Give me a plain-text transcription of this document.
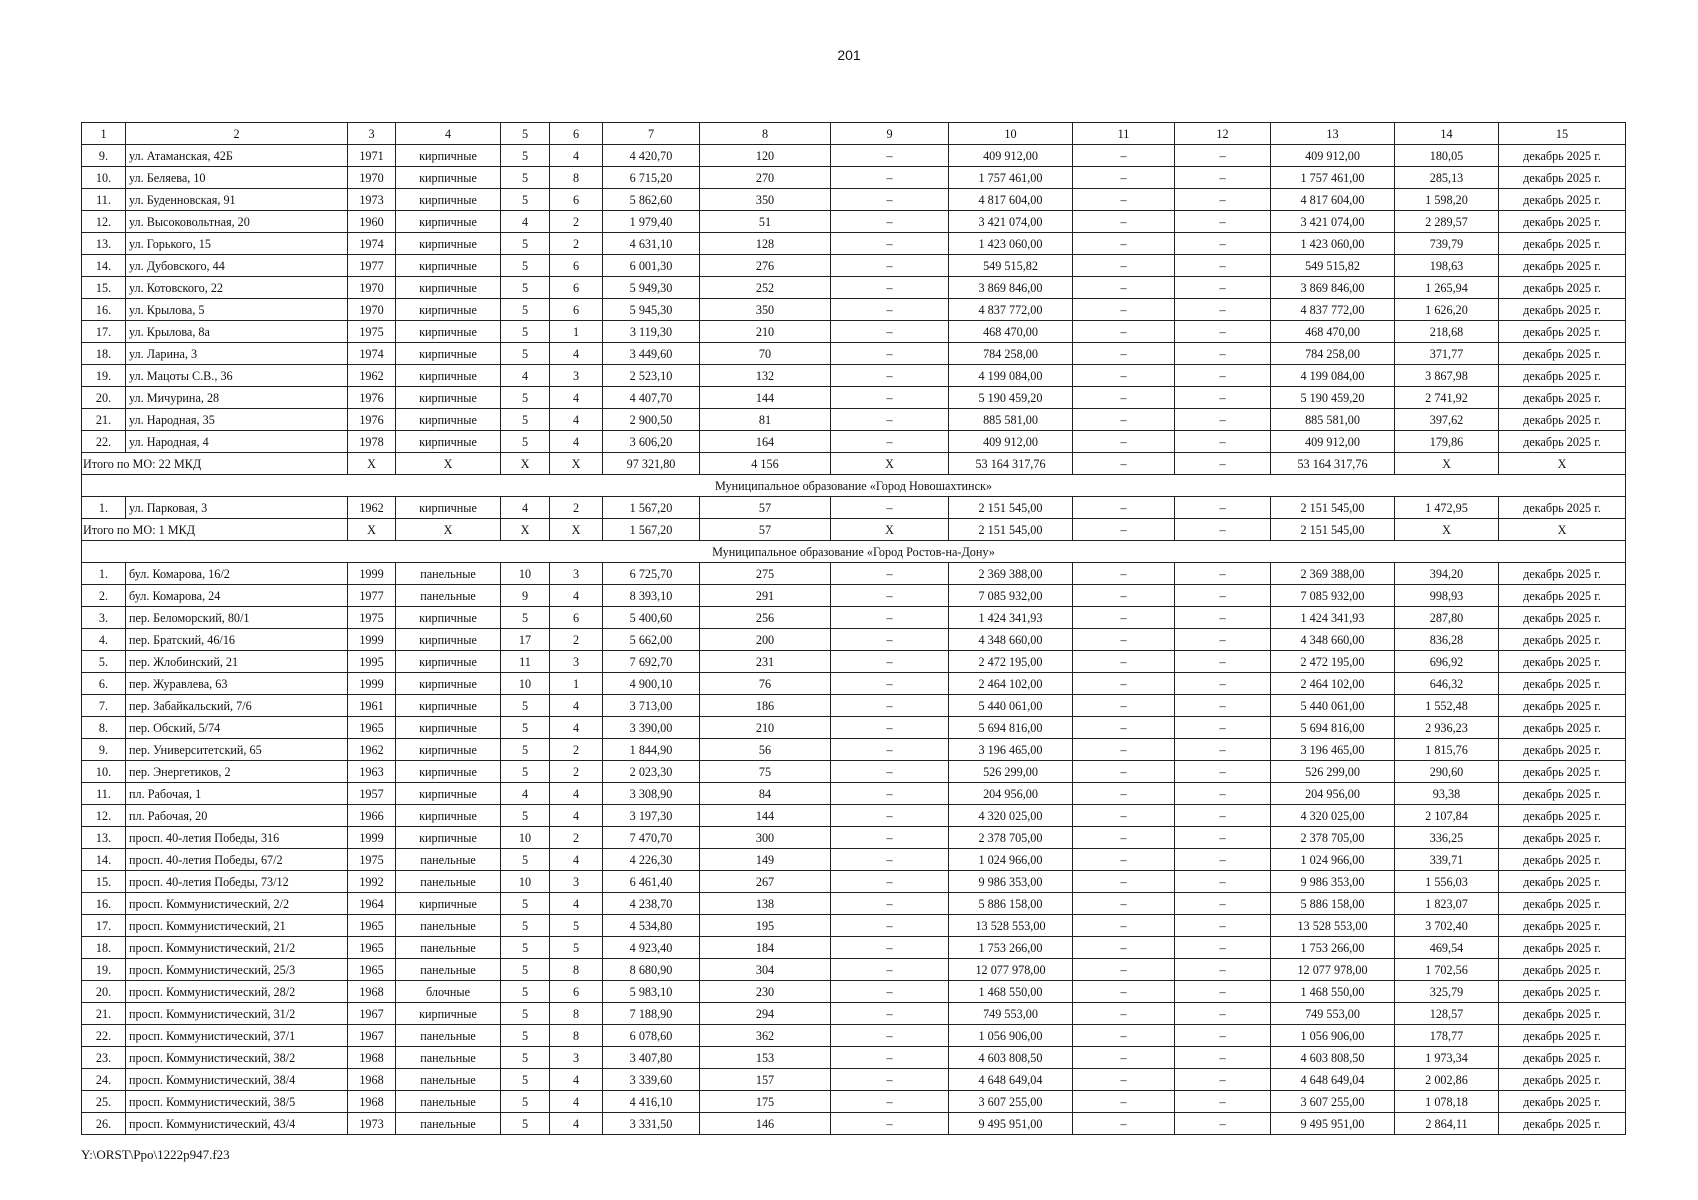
201
1	2	3	4	5	6	7	8	9	10	11	12	13	14	15
9.	ул. Атаманская, 42Б	1971	кирпичные	5	4	4 420,70	120	–	409 912,00	–	–	409 912,00	180,05	декабрь 2025 г.
10.	ул. Беляева, 10	1970	кирпичные	5	8	6 715,20	270	–	1 757 461,00	–	–	1 757 461,00	285,13	декабрь 2025 г.
11.	ул. Буденновская, 91	1973	кирпичные	5	6	5 862,60	350	–	4 817 604,00	–	–	4 817 604,00	1 598,20	декабрь 2025 г.
12.	ул. Высоковольтная, 20	1960	кирпичные	4	2	1 979,40	51	–	3 421 074,00	–	–	3 421 074,00	2 289,57	декабрь 2025 г.
13.	ул. Горького, 15	1974	кирпичные	5	2	4 631,10	128	–	1 423 060,00	–	–	1 423 060,00	739,79	декабрь 2025 г.
14.	ул. Дубовского, 44	1977	кирпичные	5	6	6 001,30	276	–	549 515,82	–	–	549 515,82	198,63	декабрь 2025 г.
15.	ул. Котовского, 22	1970	кирпичные	5	6	5 949,30	252	–	3 869 846,00	–	–	3 869 846,00	1 265,94	декабрь 2025 г.
16.	ул. Крылова, 5	1970	кирпичные	5	6	5 945,30	350	–	4 837 772,00	–	–	4 837 772,00	1 626,20	декабрь 2025 г.
17.	ул. Крылова, 8а	1975	кирпичные	5	1	3 119,30	210	–	468 470,00	–	–	468 470,00	218,68	декабрь 2025 г.
18.	ул. Ларина, 3	1974	кирпичные	5	4	3 449,60	70	–	784 258,00	–	–	784 258,00	371,77	декабрь 2025 г.
19.	ул. Мацоты С.В., 36	1962	кирпичные	4	3	2 523,10	132	–	4 199 084,00	–	–	4 199 084,00	3 867,98	декабрь 2025 г.
20.	ул. Мичурина, 28	1976	кирпичные	5	4	4 407,70	144	–	5 190 459,20	–	–	5 190 459,20	2 741,92	декабрь 2025 г.
21.	ул. Народная, 35	1976	кирпичные	5	4	2 900,50	81	–	885 581,00	–	–	885 581,00	397,62	декабрь 2025 г.
22.	ул. Народная, 4	1978	кирпичные	5	4	3 606,20	164	–	409 912,00	–	–	409 912,00	179,86	декабрь 2025 г.
Итого по МО: 22 МКД		X	X	X	X	97 321,80	4 156	X	53 164 317,76	–	–	53 164 317,76	X	X
Муниципальное образование «Город Новошахтинск»														
1.	ул. Парковая, 3	1962	кирпичные	4	2	1 567,20	57	–	2 151 545,00	–	–	2 151 545,00	1 472,95	декабрь 2025 г.
Итого по МО: 1 МКД		X	X	X	X	1 567,20	57	X	2 151 545,00	–	–	2 151 545,00	X	X
Муниципальное образование «Город Ростов-на-Дону»														
1.	бул. Комарова, 16/2	1999	панельные	10	3	6 725,70	275	–	2 369 388,00	–	–	2 369 388,00	394,20	декабрь 2025 г.
2.	бул. Комарова, 24	1977	панельные	9	4	8 393,10	291	–	7 085 932,00	–	–	7 085 932,00	998,93	декабрь 2025 г.
3.	пер. Беломорский, 80/1	1975	кирпичные	5	6	5 400,60	256	–	1 424 341,93	–	–	1 424 341,93	287,80	декабрь 2025 г.
4.	пер. Братский, 46/16	1999	кирпичные	17	2	5 662,00	200	–	4 348 660,00	–	–	4 348 660,00	836,28	декабрь 2025 г.
5.	пер. Жлобинский, 21	1995	кирпичные	11	3	7 692,70	231	–	2 472 195,00	–	–	2 472 195,00	696,92	декабрь 2025 г.
6.	пер. Журавлева, 63	1999	кирпичные	10	1	4 900,10	76	–	2 464 102,00	–	–	2 464 102,00	646,32	декабрь 2025 г.
7.	пер. Забайкальский, 7/6	1961	кирпичные	5	4	3 713,00	186	–	5 440 061,00	–	–	5 440 061,00	1 552,48	декабрь 2025 г.
8.	пер. Обский, 5/74	1965	кирпичные	5	4	3 390,00	210	–	5 694 816,00	–	–	5 694 816,00	2 936,23	декабрь 2025 г.
9.	пер. Университетский, 65	1962	кирпичные	5	2	1 844,90	56	–	3 196 465,00	–	–	3 196 465,00	1 815,76	декабрь 2025 г.
10.	пер. Энергетиков, 2	1963	кирпичные	5	2	2 023,30	75	–	526 299,00	–	–	526 299,00	290,60	декабрь 2025 г.
11.	пл. Рабочая, 1	1957	кирпичные	4	4	3 308,90	84	–	204 956,00	–	–	204 956,00	93,38	декабрь 2025 г.
12.	пл. Рабочая, 20	1966	кирпичные	5	4	3 197,30	144	–	4 320 025,00	–	–	4 320 025,00	2 107,84	декабрь 2025 г.
13.	просп. 40-летия Победы, 316	1999	кирпичные	10	2	7 470,70	300	–	2 378 705,00	–	–	2 378 705,00	336,25	декабрь 2025 г.
14.	просп. 40-летия Победы, 67/2	1975	панельные	5	4	4 226,30	149	–	1 024 966,00	–	–	1 024 966,00	339,71	декабрь 2025 г.
15.	просп. 40-летия Победы, 73/12	1992	панельные	10	3	6 461,40	267	–	9 986 353,00	–	–	9 986 353,00	1 556,03	декабрь 2025 г.
16.	просп. Коммунистический, 2/2	1964	кирпичные	5	4	4 238,70	138	–	5 886 158,00	–	–	5 886 158,00	1 823,07	декабрь 2025 г.
17.	просп. Коммунистический, 21	1965	панельные	5	5	4 534,80	195	–	13 528 553,00	–	–	13 528 553,00	3 702,40	декабрь 2025 г.
18.	просп. Коммунистический, 21/2	1965	панельные	5	5	4 923,40	184	–	1 753 266,00	–	–	1 753 266,00	469,54	декабрь 2025 г.
19.	просп. Коммунистический, 25/3	1965	панельные	5	8	8 680,90	304	–	12 077 978,00	–	–	12 077 978,00	1 702,56	декабрь 2025 г.
20.	просп. Коммунистический, 28/2	1968	блочные	5	6	5 983,10	230	–	1 468 550,00	–	–	1 468 550,00	325,79	декабрь 2025 г.
21.	просп. Коммунистический, 31/2	1967	кирпичные	5	8	7 188,90	294	–	749 553,00	–	–	749 553,00	128,57	декабрь 2025 г.
22.	просп. Коммунистический, 37/1	1967	панельные	5	8	6 078,60	362	–	1 056 906,00	–	–	1 056 906,00	178,77	декабрь 2025 г.
23.	просп. Коммунистический, 38/2	1968	панельные	5	3	3 407,80	153	–	4 603 808,50	–	–	4 603 808,50	1 973,34	декабрь 2025 г.
24.	просп. Коммунистический, 38/4	1968	панельные	5	4	3 339,60	157	–	4 648 649,04	–	–	4 648 649,04	2 002,86	декабрь 2025 г.
25.	просп. Коммунистический, 38/5	1968	панельные	5	4	4 416,10	175	–	3 607 255,00	–	–	3 607 255,00	1 078,18	декабрь 2025 г.
26.	просп. Коммунистический, 43/4	1973	панельные	5	4	3 331,50	146	–	9 495 951,00	–	–	9 495 951,00	2 864,11	декабрь 2025 г.
Y:\ORST\Ppo\1222p947.f23
